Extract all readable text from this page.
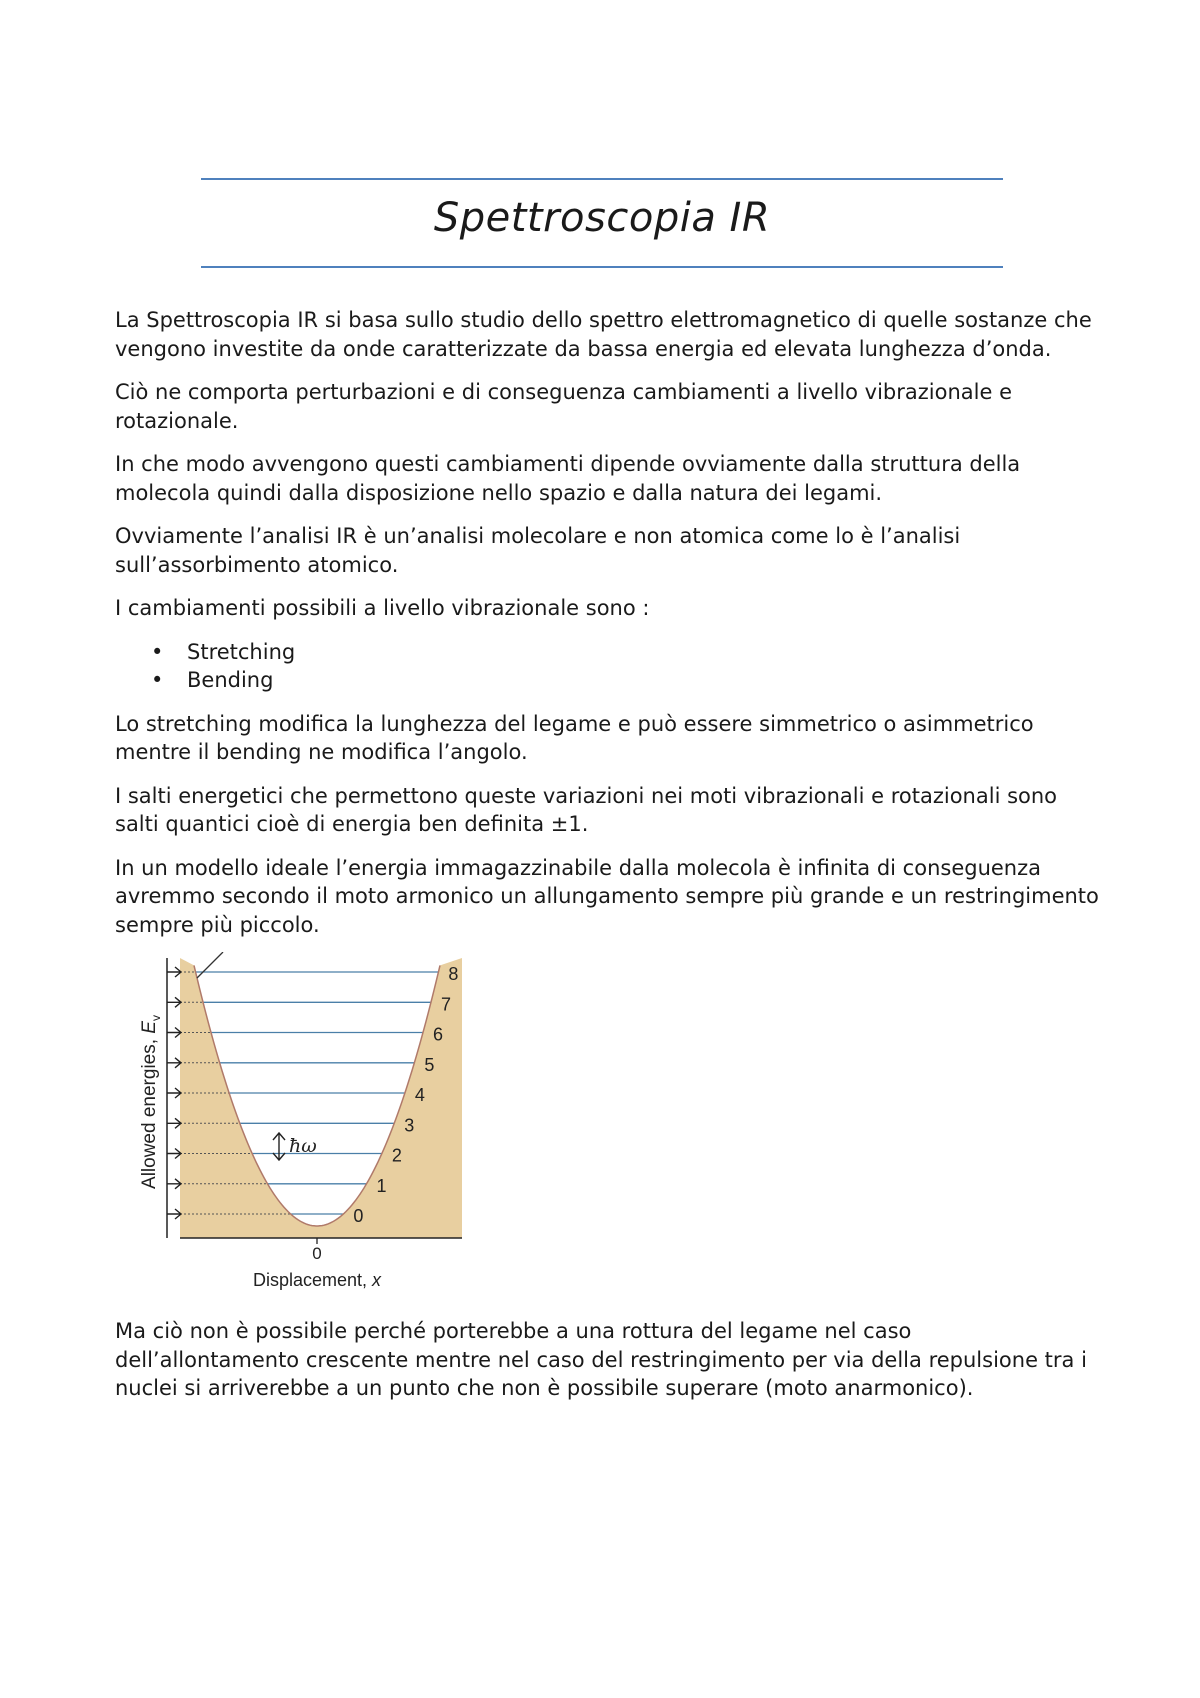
Spettroscopia IR

La Spettroscopia IR si basa sullo studio dello spettro elettromagnetico di quelle sostanze che vengono investite da onde caratterizzate da bassa energia ed elevata lunghezza d’onda.

Ciò ne comporta perturbazioni e di conseguenza cambiamenti a livello vibrazionale e rotazionale.

In che modo avvengono questi cambiamenti dipende ovviamente dalla struttura della molecola quindi dalla disposizione nello spazio e dalla natura dei legami.

Ovviamente l’analisi IR è un’analisi molecolare e non atomica come lo è l’analisi sull’assorbimento atomico.

I cambiamenti possibili a livello vibrazionale sono :

• Stretching
• Bending

Lo stretching modifica la lunghezza del legame e può essere simmetrico o asimmetrico mentre il bending ne modifica l’angolo.

I salti energetici che permettono queste variazioni nei moti vibrazionali e rotazionali sono salti quantici cioè di energia ben definita ±1.

In un modello ideale l’energia immagazzinabile dalla molecola è infinita di conseguenza avremmo secondo il moto armonico un allungamento sempre più grande e un restringimento sempre più piccolo.

0
ħω
0
1
2
3
4
5
6
7
8
Allowed energies, $E_v$
Displacement, x

Ma ciò non è possibile perché porterebbe a una rottura del legame nel caso dell’allontamento crescente mentre nel caso del restringimento per via della repulsione tra i nuclei si arriverebbe a un punto che non è possibile superare (moto anarmonico).
